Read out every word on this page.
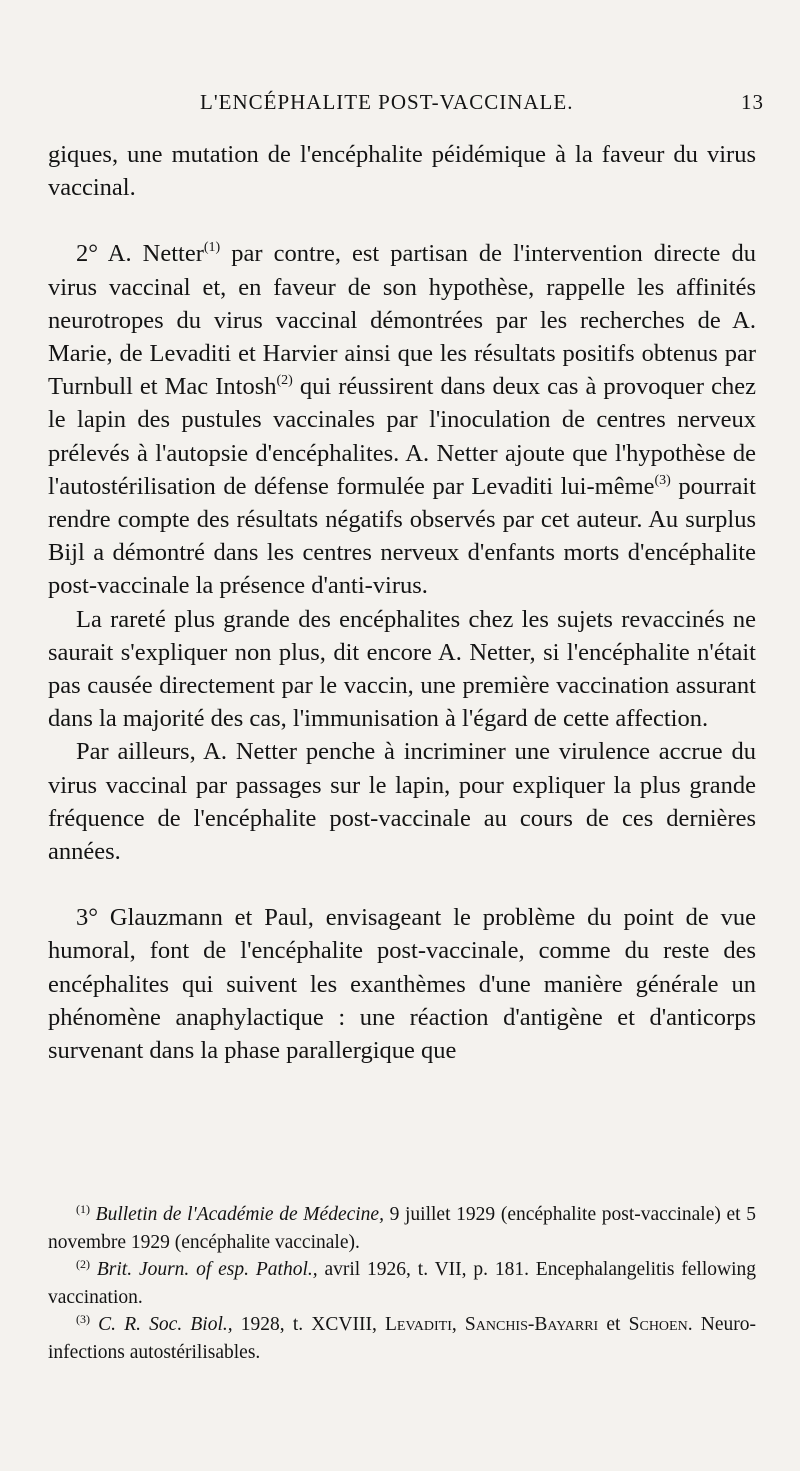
L'ENCÉPHALITE POST-VACCINALE.	13

giques, une mutation de l'encéphalite péidémique à la faveur du virus vaccinal.

2° A. Netter$^{(1)}$ par contre, est partisan de l'intervention directe du virus vaccinal et, en faveur de son hypothèse, rappelle les affinités neurotropes du virus vaccinal démontrées par les recherches de A. Marie, de Levaditi et Harvier ainsi que les résultats positifs obtenus par Turnbull et Mac Intosh$^{(2)}$ qui réussirent dans deux cas à provoquer chez le lapin des pustules vaccinales par l'inoculation de centres nerveux prélevés à l'autopsie d'encéphalites. A. Netter ajoute que l'hypothèse de l'autostérilisation de défense formulée par Levaditi lui-même$^{(3)}$ pourrait rendre compte des résultats négatifs observés par cet auteur. Au surplus Bijl a démontré dans les centres nerveux d'enfants morts d'encéphalite post-vaccinale la présence d'anti-virus.

La rareté plus grande des encéphalites chez les sujets revaccinés ne saurait s'expliquer non plus, dit encore A. Netter, si l'encéphalite n'était pas causée directement par le vaccin, une première vaccination assurant dans la majorité des cas, l'immunisation à l'égard de cette affection.

Par ailleurs, A. Netter penche à incriminer une virulence accrue du virus vaccinal par passages sur le lapin, pour expliquer la plus grande fréquence de l'encéphalite post-vaccinale au cours de ces dernières années.

3° Glauzmann et Paul, envisageant le problème du point de vue humoral, font de l'encéphalite post-vaccinale, comme du reste des encéphalites qui suivent les exanthèmes d'une manière générale un phénomène anaphylactique : une réaction d'antigène et d'anticorps survenant dans la phase parallergique que

$^{(1)}$ Bulletin de l'Académie de Médecine, 9 juillet 1929 (encéphalite post-vaccinale) et 5 novembre 1929 (encéphalite vaccinale).

$^{(2)}$ Brit. Journ. of esp. Pathol., avril 1926, t. VII, p. 181. Encephalangelitis fellowing vaccination.

$^{(3)}$ C. R. Soc. Biol., 1928, t. XCVIII, Levaditi, Sanchis-Bayarri et Schoen. Neuro-infections autostérilisables.
